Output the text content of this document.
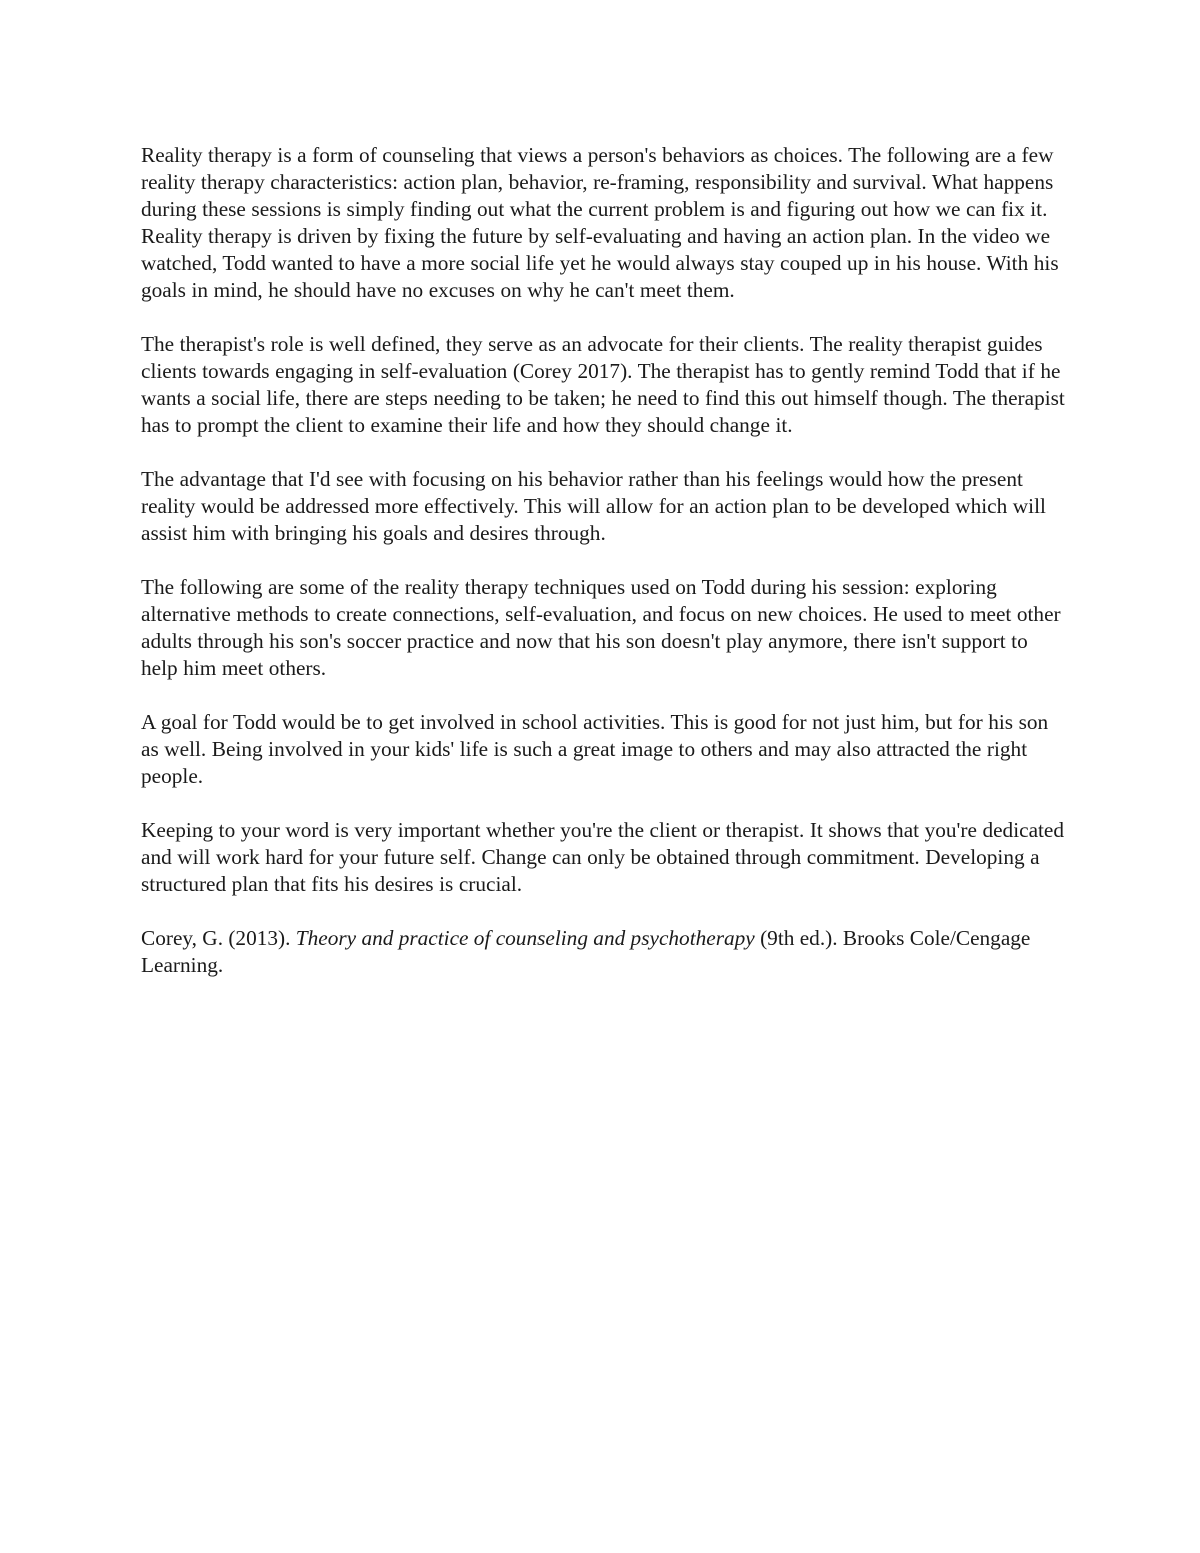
Reality therapy is a form of counseling that views a person's behaviors as choices. The following are a few reality therapy characteristics: action plan, behavior, re-framing, responsibility and survival. What happens during these sessions is simply finding out what the current problem is and figuring out how we can fix it. Reality therapy is driven by fixing the future by self-evaluating and having an action plan. In the video we watched, Todd wanted to have a more social life yet he would always stay couped up in his house. With his goals in mind, he should have no excuses on why he can't meet them.

The therapist's role is well defined, they serve as an advocate for their clients. The reality therapist guides clients towards engaging in self-evaluation (Corey 2017). The therapist has to gently remind Todd that if he wants a social life, there are steps needing to be taken; he need to find this out himself though. The therapist has to prompt the client to examine their life and how they should change it.

The advantage that I'd see with focusing on his behavior rather than his feelings would how the present reality would be addressed more effectively. This will allow for an action plan to be developed which will assist him with bringing his goals and desires through.

The following are some of the reality therapy techniques used on Todd during his session: exploring alternative methods to create connections, self-evaluation, and focus on new choices. He used to meet other adults through his son's soccer practice and now that his son doesn't play anymore, there isn't support to help him meet others.

A goal for Todd would be to get involved in school activities. This is good for not just him, but for his son as well. Being involved in your kids' life is such a great image to others and may also attracted the right people.

Keeping to your word is very important whether you're the client or therapist. It shows that you're dedicated and will work hard for your future self. Change can only be obtained through commitment. Developing a structured plan that fits his desires is crucial.

Corey, G. (2013). Theory and practice of counseling and psychotherapy (9th ed.). Brooks Cole/Cengage Learning.
